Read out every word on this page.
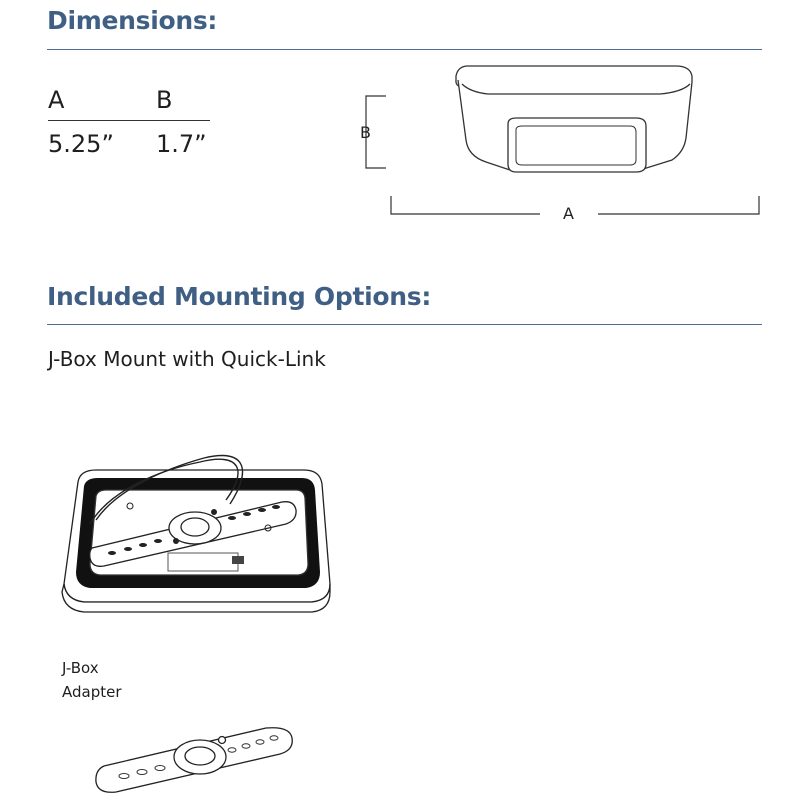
Dimensions:
A	B
5.25” 1.7”	B
A
Included Mounting Options:
J-Box Mount with Quick-Link
J-Box
Adapter
